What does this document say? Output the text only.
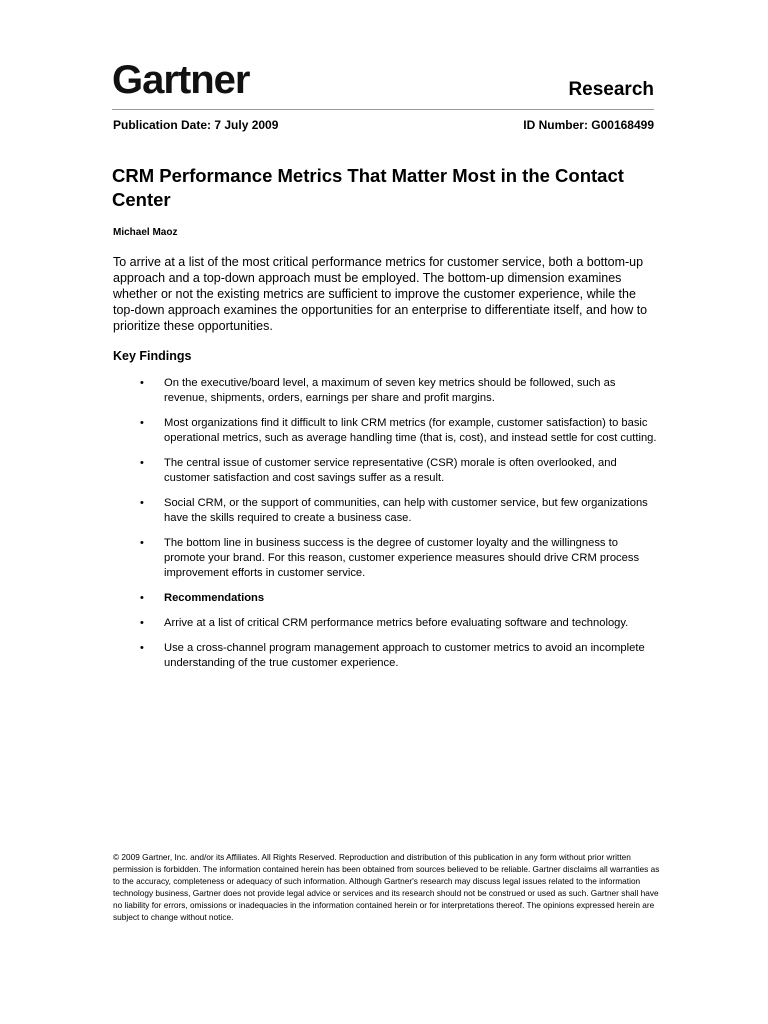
Gartner	Research
Publication Date: 7 July 2009	ID Number: G00168499
CRM Performance Metrics That Matter Most in the Contact Center
Michael Maoz
To arrive at a list of the most critical performance metrics for customer service, both a bottom-up approach and a top-down approach must be employed. The bottom-up dimension examines whether or not the existing metrics are sufficient to improve the customer experience, while the top-down approach examines the opportunities for an enterprise to differentiate itself, and how to prioritize these opportunities.
Key Findings
• On the executive/board level, a maximum of seven key metrics should be followed, such as revenue, shipments, orders, earnings per share and profit margins.
• Most organizations find it difficult to link CRM metrics (for example, customer satisfaction) to basic operational metrics, such as average handling time (that is, cost), and instead settle for cost cutting.
• The central issue of customer service representative (CSR) morale is often overlooked, and customer satisfaction and cost savings suffer as a result.
• Social CRM, or the support of communities, can help with customer service, but few organizations have the skills required to create a business case.
• The bottom line in business success is the degree of customer loyalty and the willingness to promote your brand. For this reason, customer experience measures should drive CRM process improvement efforts in customer service.
• Recommendations
• Arrive at a list of critical CRM performance metrics before evaluating software and technology.
• Use a cross-channel program management approach to customer metrics to avoid an incomplete understanding of the true customer experience.
© 2009 Gartner, Inc. and/or its Affiliates. All Rights Reserved. Reproduction and distribution of this publication in any form without prior written permission is forbidden. The information contained herein has been obtained from sources believed to be reliable. Gartner disclaims all warranties as to the accuracy, completeness or adequacy of such information. Although Gartner's research may discuss legal issues related to the information technology business, Gartner does not provide legal advice or services and its research should not be construed or used as such. Gartner shall have no liability for errors, omissions or inadequacies in the information contained herein or for interpretations thereof. The opinions expressed herein are subject to change without notice.
